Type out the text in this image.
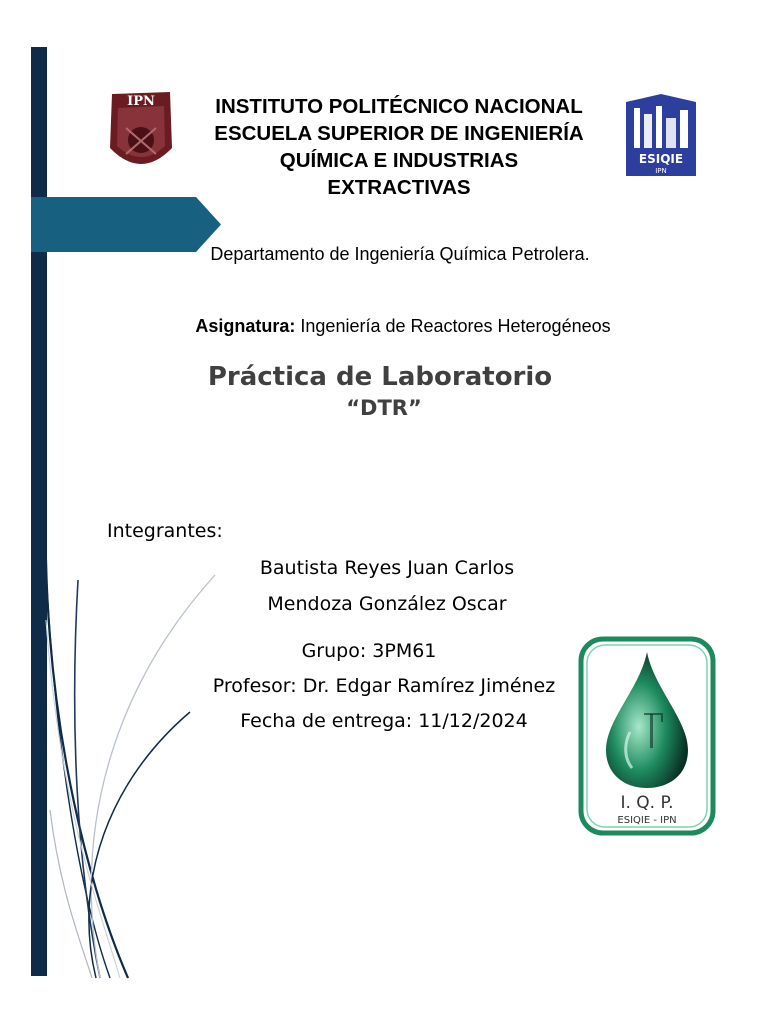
IPN
ESIQIE
IPN
INSTITUTO POLITÉCNICO NACIONAL
ESCUELA SUPERIOR DE INGENIERÍA
QUÍMICA E INDUSTRIAS
EXTRACTIVAS
Departamento de Ingeniería Química Petrolera.
Asignatura: Ingeniería de Reactores Heterogéneos
Práctica de Laboratorio
“DTR”
Integrantes:
Bautista Reyes Juan Carlos
Mendoza González Oscar
Grupo: 3PM61
Profesor: Dr. Edgar Ramírez Jiménez
Fecha de entrega: 11/12/2024
I. Q. P.
ESIQIE - IPN
